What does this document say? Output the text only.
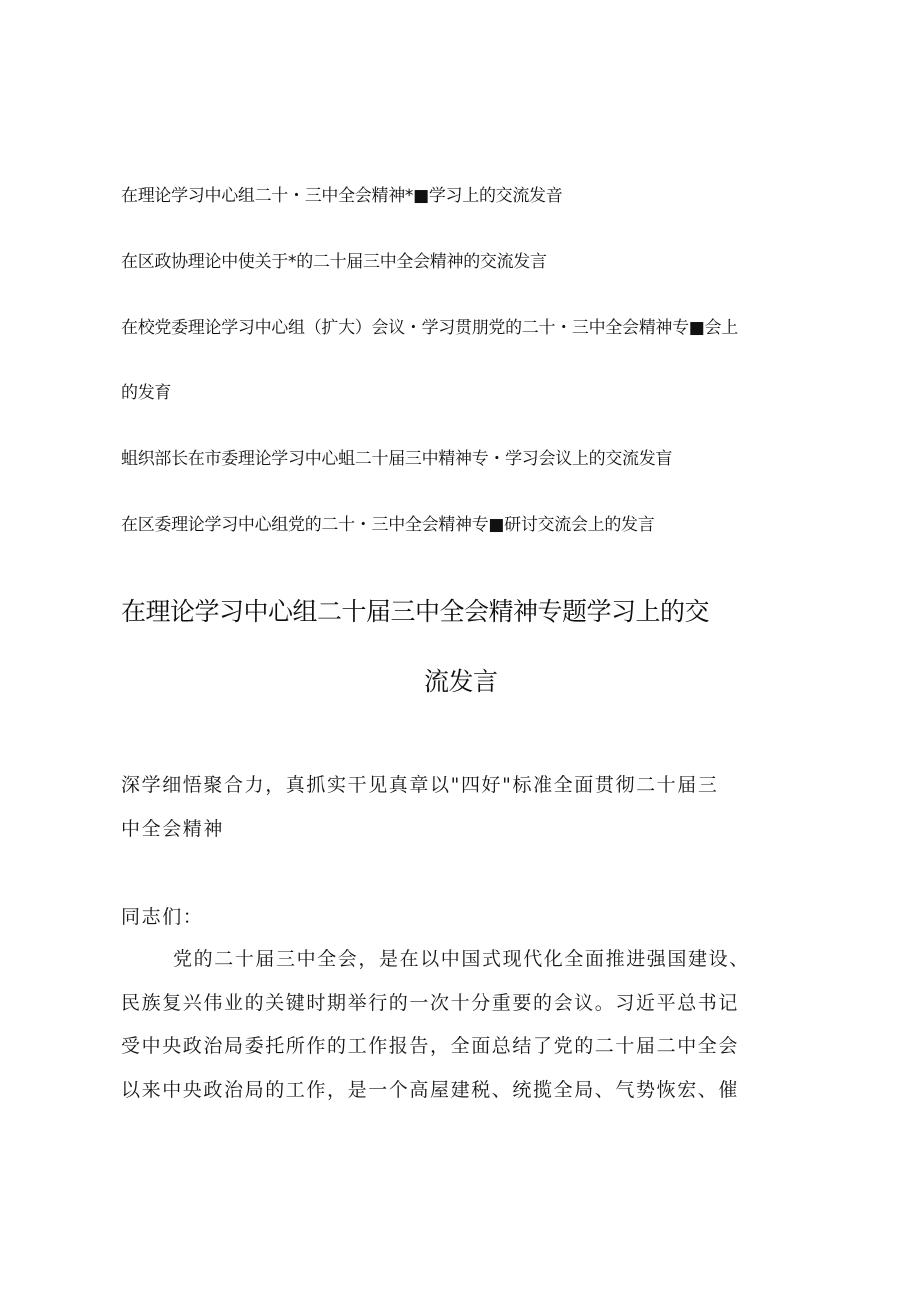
在理论学习中心组二十・三中全会精神*■学习上的交流发音
在区政协理论中使关于*的二十届三中全会精神的交流发言
在校党委理论学习中心组（扩大）会议・学习贯朋党的二十・三中全会精神专■会上
的发育
蛆织部长在市委理论学习中心蛆二十届三中精神专・学习会议上的交流发盲
在区委理论学习中心组党的二十・三中全会精神专■研讨交流会上的发言
在理论学习中心组二十届三中全会精神专题学习上的交
流发言
深学细悟聚合力，真抓实干见真章以"四好"标准全面贯彻二十届三
中全会精神
同志们：
党的二十届三中全会，是在以中国式现代化全面推进强国建设、
民族复兴伟业的关键时期举行的一次十分重要的会议。习近平总书记
受中央政治局委托所作的工作报告，全面总结了党的二十届二中全会
以来中央政治局的工作，是一个高屋建税、统揽全局、气势恢宏、催
